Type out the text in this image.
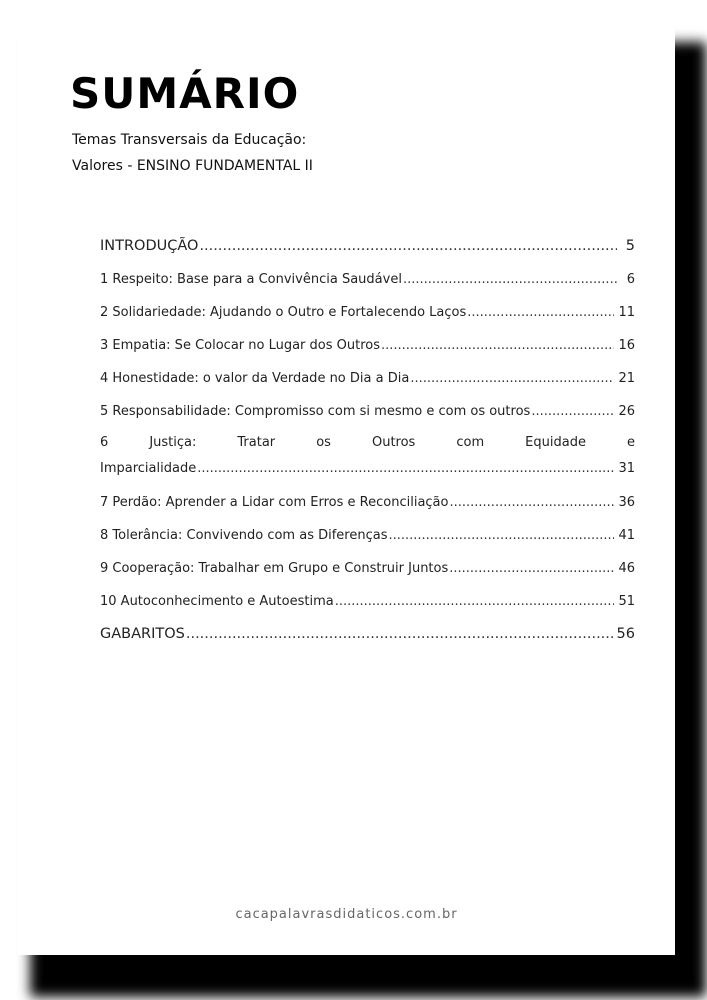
SUMÁRIO
Temas Transversais da Educação:
Valores - ENSINO FUNDAMENTAL II
INTRODUÇÃO .....	5
1 Respeito: Base para a Convivência Saudável .....	6
2 Solidariedade: Ajudando o Outro e Fortalecendo Laços .....	11
3 Empatia: Se Colocar no Lugar dos Outros .....	16
4 Honestidade: o valor da Verdade no Dia a Dia .....	21
5 Responsabilidade: Compromisso com si mesmo e com os outros .....	26
6 Justiça: Tratar os Outros com Equidade e
Imparcialidade .....	31
7 Perdão: Aprender a Lidar com Erros e Reconciliação .....	36
8 Tolerância: Convivendo com as Diferenças .....	41
9 Cooperação: Trabalhar em Grupo e Construir Juntos .....	46
10 Autoconhecimento e Autoestima .....	51
GABARITOS .....	56
cacapalavrasdidaticos.com.br
